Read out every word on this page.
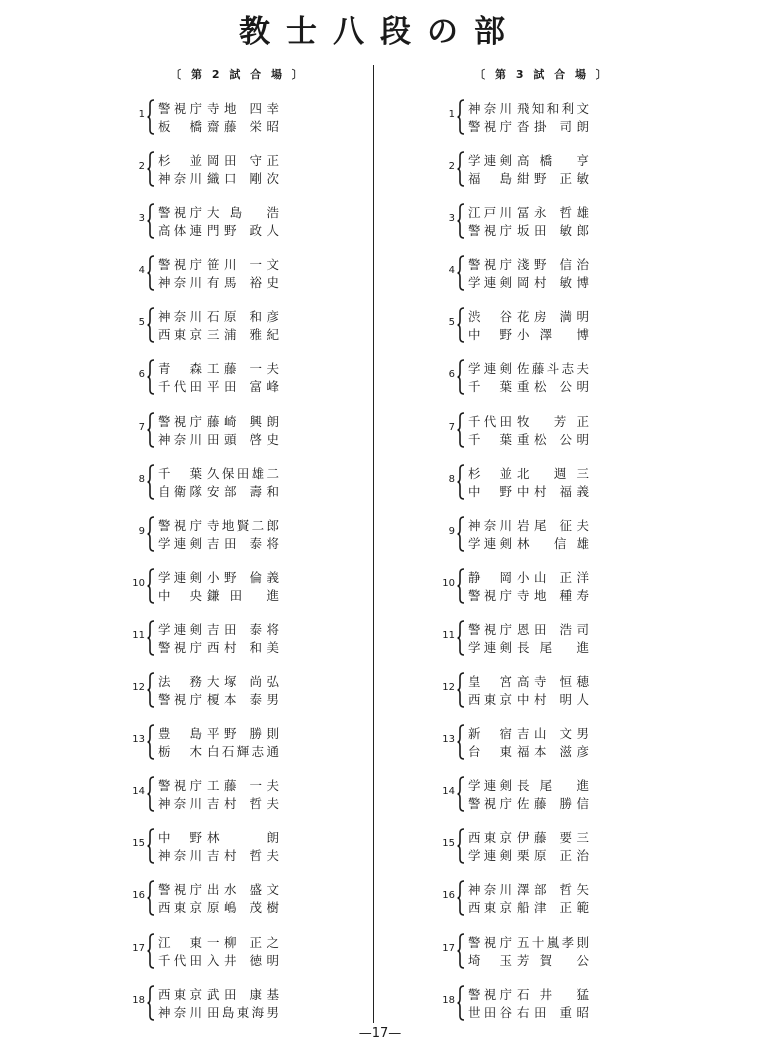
教士八段の部
〔 第 2 試 合 場 〕	〔 第 3 試 合 場 〕
1 警視庁 寺地 四幸
板 橋 齋藤 栄昭
2 杉 並 岡田 守正
神奈川 織口 剛次
3 警視庁 大島 浩
高体連 門野 政人
4 警視庁 笹川 一文
神奈川 有馬 裕史
5 神奈川 石原 和彦
西東京 三浦 雅紀
6 青 森 工藤 一夫
千代田 平田 富峰
7 警視庁 藤崎 興朗
神奈川 田頭 啓史
8 千 葉 久保田雄二
自衛隊 安部 壽和
9 警視庁 寺地賢二郎
学連剣 吉田 泰将
10 学連剣 小野 倫義
中 央 鎌田 進
11 学連剣 吉田 泰将
警視庁 西村 和美
12 法 務 大塚 尚弘
警視庁 榎本 泰男
13 豊 島 平野 勝則
栃 木 白石輝志通
14 警視庁 工藤 一夫
神奈川 吉村 哲夫
15 中 野 林 朗
神奈川 吉村 哲夫
16 警視庁 出水 盛文
西東京 原嶋 茂樹
17 江 東 一柳 正之
千代田 入井 徳明
18 西東京 武田 康基
神奈川 田島東海男
1 神奈川 飛知和利文
警視庁 沓掛 司朗
2 学連剣 高橋 亨
福 島 紺野 正敏
3 江戸川 冨永 哲雄
警視庁 坂田 敏郎
4 警視庁 淺野 信治
学連剣 岡村 敏博
5 渋 谷 花房 満明
中 野 小澤 博
6 学連剣 佐藤斗志夫
千 葉 重松 公明
7 千代田 牧 芳正
千 葉 重松 公明
8 杉 並 北 週三
中 野 中村 福義
9 神奈川 岩尾 征夫
学連剣 林 信雄
10 静 岡 小山 正洋
警視庁 寺地 種寿
11 警視庁 恩田 浩司
学連剣 長尾 進
12 皇 宮 高寺 恒穂
西東京 中村 明人
13 新 宿 吉山 文男
台 東 福本 滋彦
14 学連剣 長尾 進
警視庁 佐藤 勝信
15 西東京 伊藤 要三
学連剣 栗原 正治
16 神奈川 澤部 哲矢
西東京 船津 正範
17 警視庁 五十嵐孝則
埼 玉 芳賀 公
18 警視庁 石井 猛
世田谷 右田 重昭
—17—
